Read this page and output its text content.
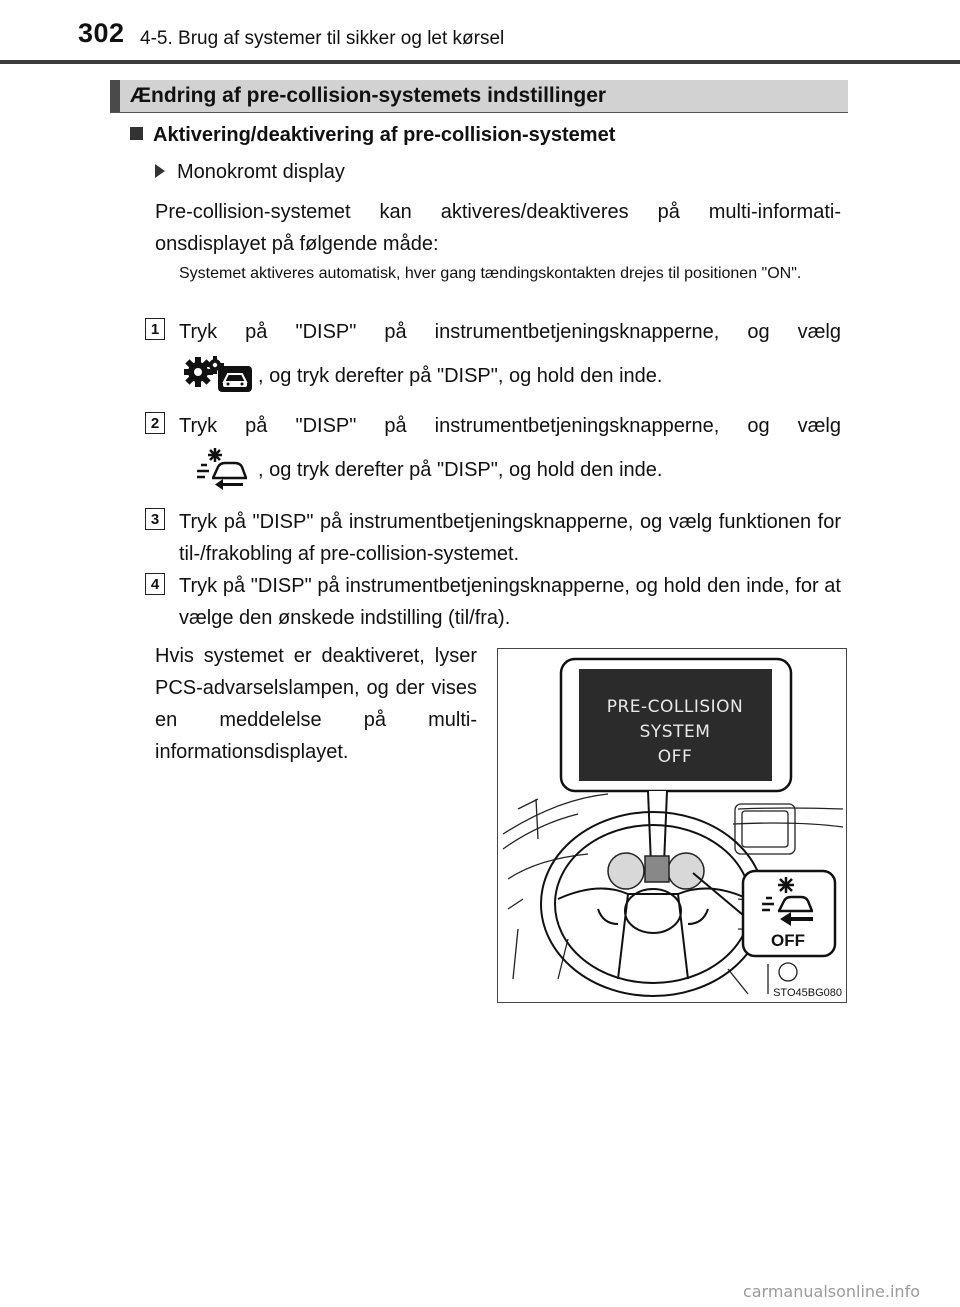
302 4-5. Brug af systemer til sikker og let kørsel
Ændring af pre-collision-systemets indstillinger
Aktivering/deaktivering af pre-collision-systemet
Monokromt display
Pre-collision-systemet kan aktiveres/deaktiveres på multi-informati-onsdisplayet på følgende måde:
Systemet aktiveres automatisk, hver gang tændingskontakten drejes til positionen "ON".
1 Tryk på "DISP" på instrumentbetjeningsknapperne, og vælg
, og tryk derefter på "DISP", og hold den inde.
2 Tryk på "DISP" på instrumentbetjeningsknapperne, og vælg
, og tryk derefter på "DISP", og hold den inde.
3 Tryk på "DISP" på instrumentbetjeningsknapperne, og vælg funktionen for til-/frakobling af pre-collision-systemet.
4 Tryk på "DISP" på instrumentbetjeningsknapperne, og hold den inde, for at vælge den ønskede indstilling (til/fra).
Hvis systemet er deaktiveret, lyser PCS-advarselslampen, og der vises en meddelelse på multi-informationsdisplayet.
PRE-COLLISION
SYSTEM
OFF
OFF
STO45BG080
carmanualsonline.info
